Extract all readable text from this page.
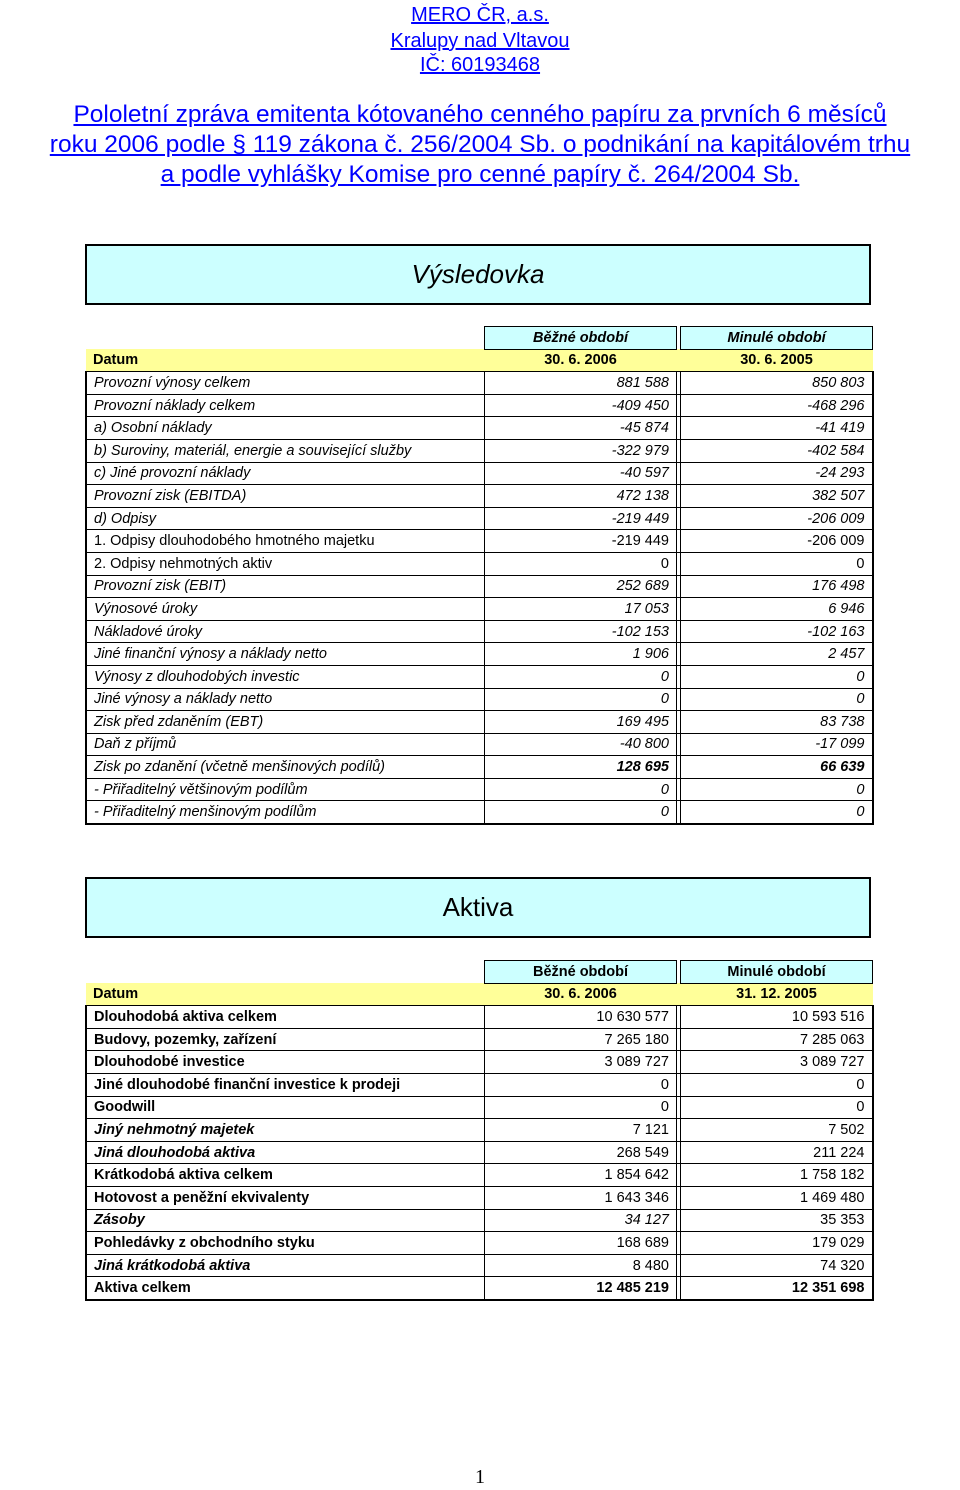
MERO ČR, a.s.

Kralupy nad Vltavou

IČ: 60193468

Pololetní zpráva emitenta kótovaného cenného papíru za prvních 6 měsíců

roku 2006 podle § 119 zákona č. 256/2004 Sb. o podnikání na kapitálovém trhu

a podle vyhlášky Komise pro cenné papíry č. 264/2004 Sb.

Výsledovka
	Běžné období		Minulé období
Datum	30. 6. 2006		30. 6. 2005
Provozní výnosy celkem	881 588		850 803
Provozní náklady celkem	-409 450		-468 296
a) Osobní náklady	-45 874		-41 419
b) Suroviny, materiál, energie a související služby	-322 979		-402 584
c) Jiné provozní náklady	-40 597		-24 293
Provozní zisk (EBITDA)	472 138		382 507
d) Odpisy	-219 449		-206 009
1. Odpisy dlouhodobého hmotného majetku	-219 449		-206 009
2. Odpisy nehmotných aktiv	0		0
Provozní zisk (EBIT)	252 689		176 498
Výnosové úroky	17 053		6 946
Nákladové úroky	-102 153		-102 163
Jiné finanční výnosy a náklady netto	1 906		2 457
Výnosy z dlouhodobých investic	0		0
Jiné výnosy a náklady netto	0		0
Zisk před zdaněním (EBT)	169 495		83 738
Daň z příjmů	-40 800		-17 099
Zisk po zdanění (včetně menšinových podílů)	128 695		66 639
- Přiřaditelný většinovým podílům	0		0
- Přiřaditelný menšinovým podílům	0		0
Aktiva
	Běžné období		Minulé období
Datum	30. 6. 2006		31. 12. 2005
Dlouhodobá aktiva celkem	10 630 577		10 593 516
Budovy, pozemky, zařízení	7 265 180		7 285 063
Dlouhodobé investice	3 089 727		3 089 727
Jiné dlouhodobé finanční investice k prodeji	0		0
Goodwill	0		0
Jiný nehmotný majetek	7 121		7 502
Jiná dlouhodobá aktiva	268 549		211 224
Krátkodobá aktiva celkem	1 854 642		1 758 182
Hotovost a peněžní ekvivalenty	1 643 346		1 469 480
Zásoby	34 127		35 353
Pohledávky z obchodního styku	168 689		179 029
Jiná krátkodobá aktiva	8 480		74 320
Aktiva celkem	12 485 219		12 351 698
1
